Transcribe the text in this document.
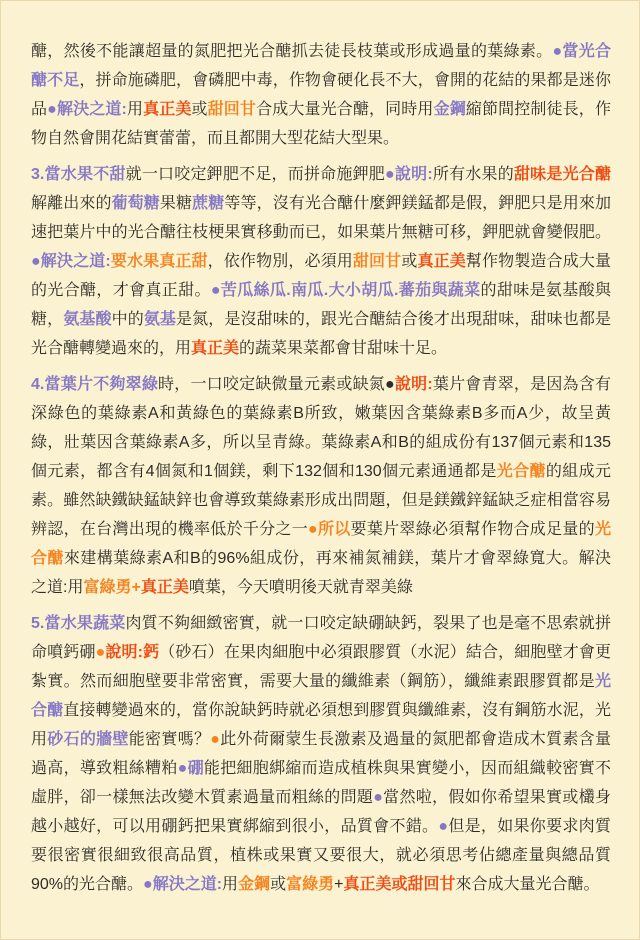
醣，然後不能讓超量的氮肥把光合醣抓去徒長枝葉或形成過量的葉綠素。●當光合醣不足，拼命施磷肥，會磷肥中毒，作物會硬化長不大，會開的花結的果都是迷你品●解決之道:用真正美或甜回甘合成大量光合醣，同時用金鋼縮節間控制徒長，作物自然會開花結實蕾蕾，而且都開大型花結大型果。

3.當水果不甜就一口咬定鉀肥不足，而拼命施鉀肥●說明:所有水果的甜味是光合醣解離出來的葡萄糖果糖蔗糖等等，沒有光合醣什麼鉀鎂錳都是假，鉀肥只是用來加速把葉片中的光合醣往枝梗果實移動而已，如果葉片無糖可移，鉀肥就會變假肥。●解決之道:要水果真正甜，依作物別，必須用甜回甘或真正美幫作物製造合成大量的光合醣，才會真正甜。●苦瓜絲瓜.南瓜.大小胡瓜.蕃茄與蔬菜的甜味是氨基酸與糖，氨基酸中的氨基是氮，是沒甜味的，跟光合醣結合後才出現甜味，甜味也都是光合醣轉變過來的，用真正美的蔬菜果菜都會甘甜味十足。

4.當葉片不夠翠綠時，一口咬定缺微量元素或缺氮●說明:葉片會青翠，是因為含有深綠色的葉綠素A和黃綠色的葉綠素B所致，嫩葉因含葉綠素B多而A少，故呈黃綠，壯葉因含葉綠素A多，所以呈青綠。葉綠素A和B的組成份有137個元素和135個元素，都含有4個氮和1個鎂，剩下132個和130個元素通通都是光合醣的組成元素。雖然缺鐵缺錳缺鋅也會導致葉綠素形成出問題，但是鎂鐵鋅錳缺乏症相當容易辨認，在台灣出現的機率低於千分之一●所以要葉片翠綠必須幫作物合成足量的光合醣來建構葉綠素A和B的96%組成份，再來補氮補鎂，葉片才會翠綠寬大。解決之道:用富綠勇+真正美噴葉，今天噴明後天就青翠美綠

5.當水果蔬菜肉質不夠細緻密實，就一口咬定缺硼缺鈣，裂果了也是毫不思索就拼命噴鈣硼●說明:鈣（砂石）在果肉細胞中必須跟膠質（水泥）結合，細胞壁才會更紮實。然而細胞壁要非常密實，需要大量的纖維素（鋼筋），纖維素跟膠質都是光合醣直接轉變過來的，當你說缺鈣時就必須想到膠質與纖維素，沒有鋼筋水泥，光用砂石的牆壁能密實嗎？●此外荷爾蒙生長激素及過量的氮肥都會造成木質素含量過高，導致粗絲糟粕●硼能把細胞綁縮而造成植株與果實變小，因而組織較密實不虛胖，卻一樣無法改變木質素過量而粗絲的問題●當然啦，假如你希望果實或欉身越小越好，可以用硼鈣把果實綁縮到很小，品質會不錯。●但是，如果你要求肉質要很密實很細致很高品質，植株或果實又要很大，就必須思考佔總產量與總品質90%的光合醣。●解決之道:用金鋼或富綠勇+真正美或甜回甘來合成大量光合醣。
